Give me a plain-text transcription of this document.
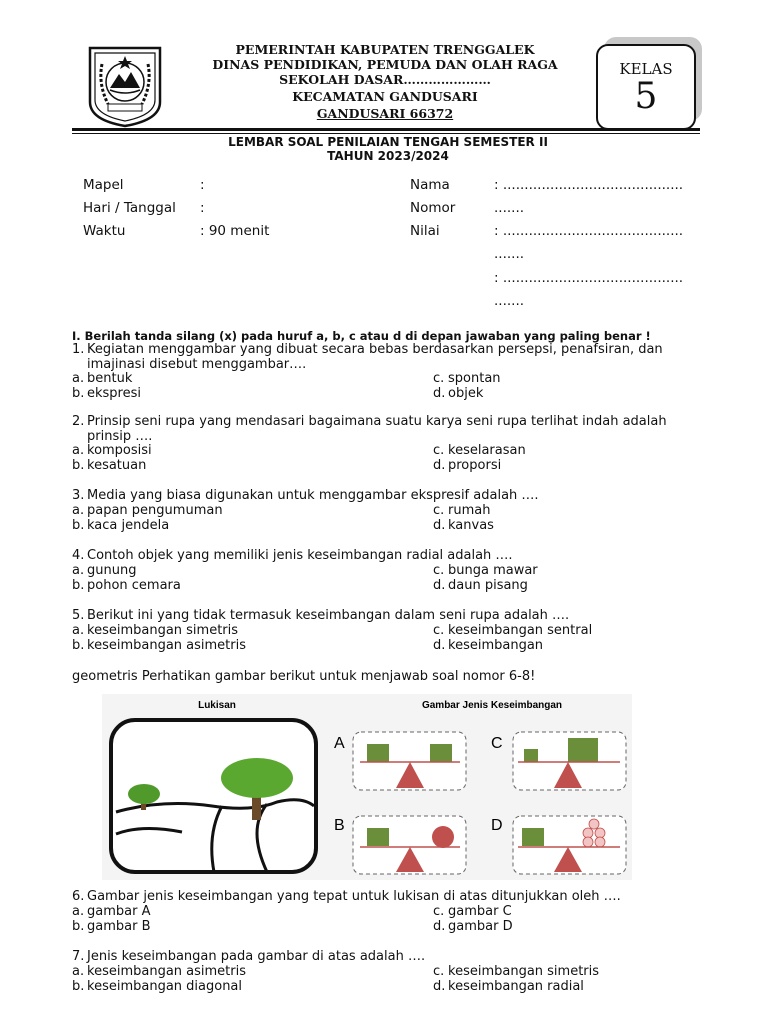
PEMERINTAH KABUPATEN TRENGGALEK
DINAS PENDIDIKAN, PEMUDA DAN OLAH RAGA
SEKOLAH DASAR…………………
KECAMATAN GANDUSARI
GANDUSARI 66372
KELAS
5
LEMBAR SOAL PENILAIAN TENGAH SEMESTER II
TAHUN 2023/2024
Mapel	:
Hari / Tanggal :
Waktu	: 90 menit
Nama	: ..........................................
Nomor	.......
Nilai	: ..........................................
.......
: ..........................................
.......
I. Berilah tanda silang (x) pada huruf a, b, c atau d di depan jawaban yang paling benar !
1. Kegiatan menggambar yang dibuat secara bebas berdasarkan persepsi, penafsiran, dan
imajinasi disebut menggambar….
a. bentuk
b. ekspresi
c. spontan
d. objek
2. Prinsip seni rupa yang mendasari bagaimana suatu karya seni rupa terlihat indah adalah
prinsip ….
a. komposisi
b. kesatuan
c. keselarasan
d. proporsi
3. Media yang biasa digunakan untuk menggambar ekspresif adalah ….
a. papan pengumuman
b. kaca jendela
c. rumah
d. kanvas
4. Contoh objek yang memiliki jenis keseimbangan radial adalah ….
a. gunung
b. pohon cemara
c. bunga mawar
d. daun pisang
5. Berikut ini yang tidak termasuk keseimbangan dalam seni rupa adalah ….
a. keseimbangan simetris
b. keseimbangan asimetris
c. keseimbangan sentral
d. keseimbangan
6. Gambar jenis keseimbangan yang tepat untuk lukisan di atas ditunjukkan oleh ….
a. gambar A
b. gambar B
c. gambar C
d. gambar D
7. Jenis keseimbangan pada gambar di atas adalah ….
a. keseimbangan asimetris
b. keseimbangan diagonal
c. keseimbangan simetris
d. keseimbangan radial
geometris Perhatikan gambar berikut untuk menjawab soal nomor 6-8!
Lukisan	Gambar Jenis Keseimbangan
A
B
C
D
